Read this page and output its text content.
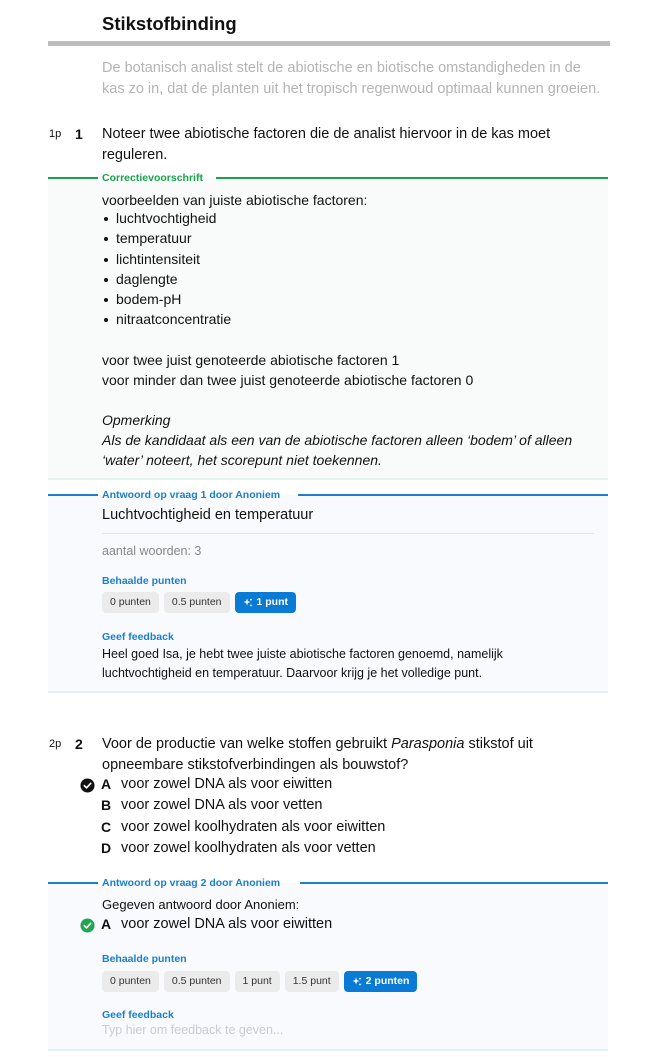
Stikstofbinding
De botanisch analist stelt de abiotische en biotische omstandigheden in de kas zo in, dat de planten uit het tropisch regenwoud optimaal kunnen groeien.
1p 1 Noteer twee abiotische factoren die de analist hiervoor in de kas moet reguleren.
Correctievoorschrift
voorbeelden van juiste abiotische factoren:
luchtvochtigheid
temperatuur
lichtintensiteit
daglengte
bodem-pH
nitraatconcentratie
voor twee juist genoteerde abiotische factoren 1
voor minder dan twee juist genoteerde abiotische factoren 0
Opmerking
Als de kandidaat als een van de abiotische factoren alleen ‘bodem’ of alleen ‘water’ noteert, het scorepunt niet toekennen.
Antwoord op vraag 1 door Anoniem
Luchtvochtigheid en temperatuur
aantal woorden: 3
Behaalde punten
0 punten	0.5 punten	1 punt
Geef feedback
Heel goed Isa, je hebt twee juiste abiotische factoren genoemd, namelijk luchtvochtigheid en temperatuur. Daarvoor krijg je het volledige punt.
2p 2 Voor de productie van welke stoffen gebruikt Parasponia stikstof uit opneembare stikstofverbindingen als bouwstof?
A voor zowel DNA als voor eiwitten
B voor zowel DNA als voor vetten
C voor zowel koolhydraten als voor eiwitten
D voor zowel koolhydraten als voor vetten
Antwoord op vraag 2 door Anoniem
Gegeven antwoord door Anoniem:
A voor zowel DNA als voor eiwitten
Behaalde punten
0 punten	0.5 punten	1 punt	1.5 punt	2 punten
Geef feedback
Typ hier om feedback te geven...
